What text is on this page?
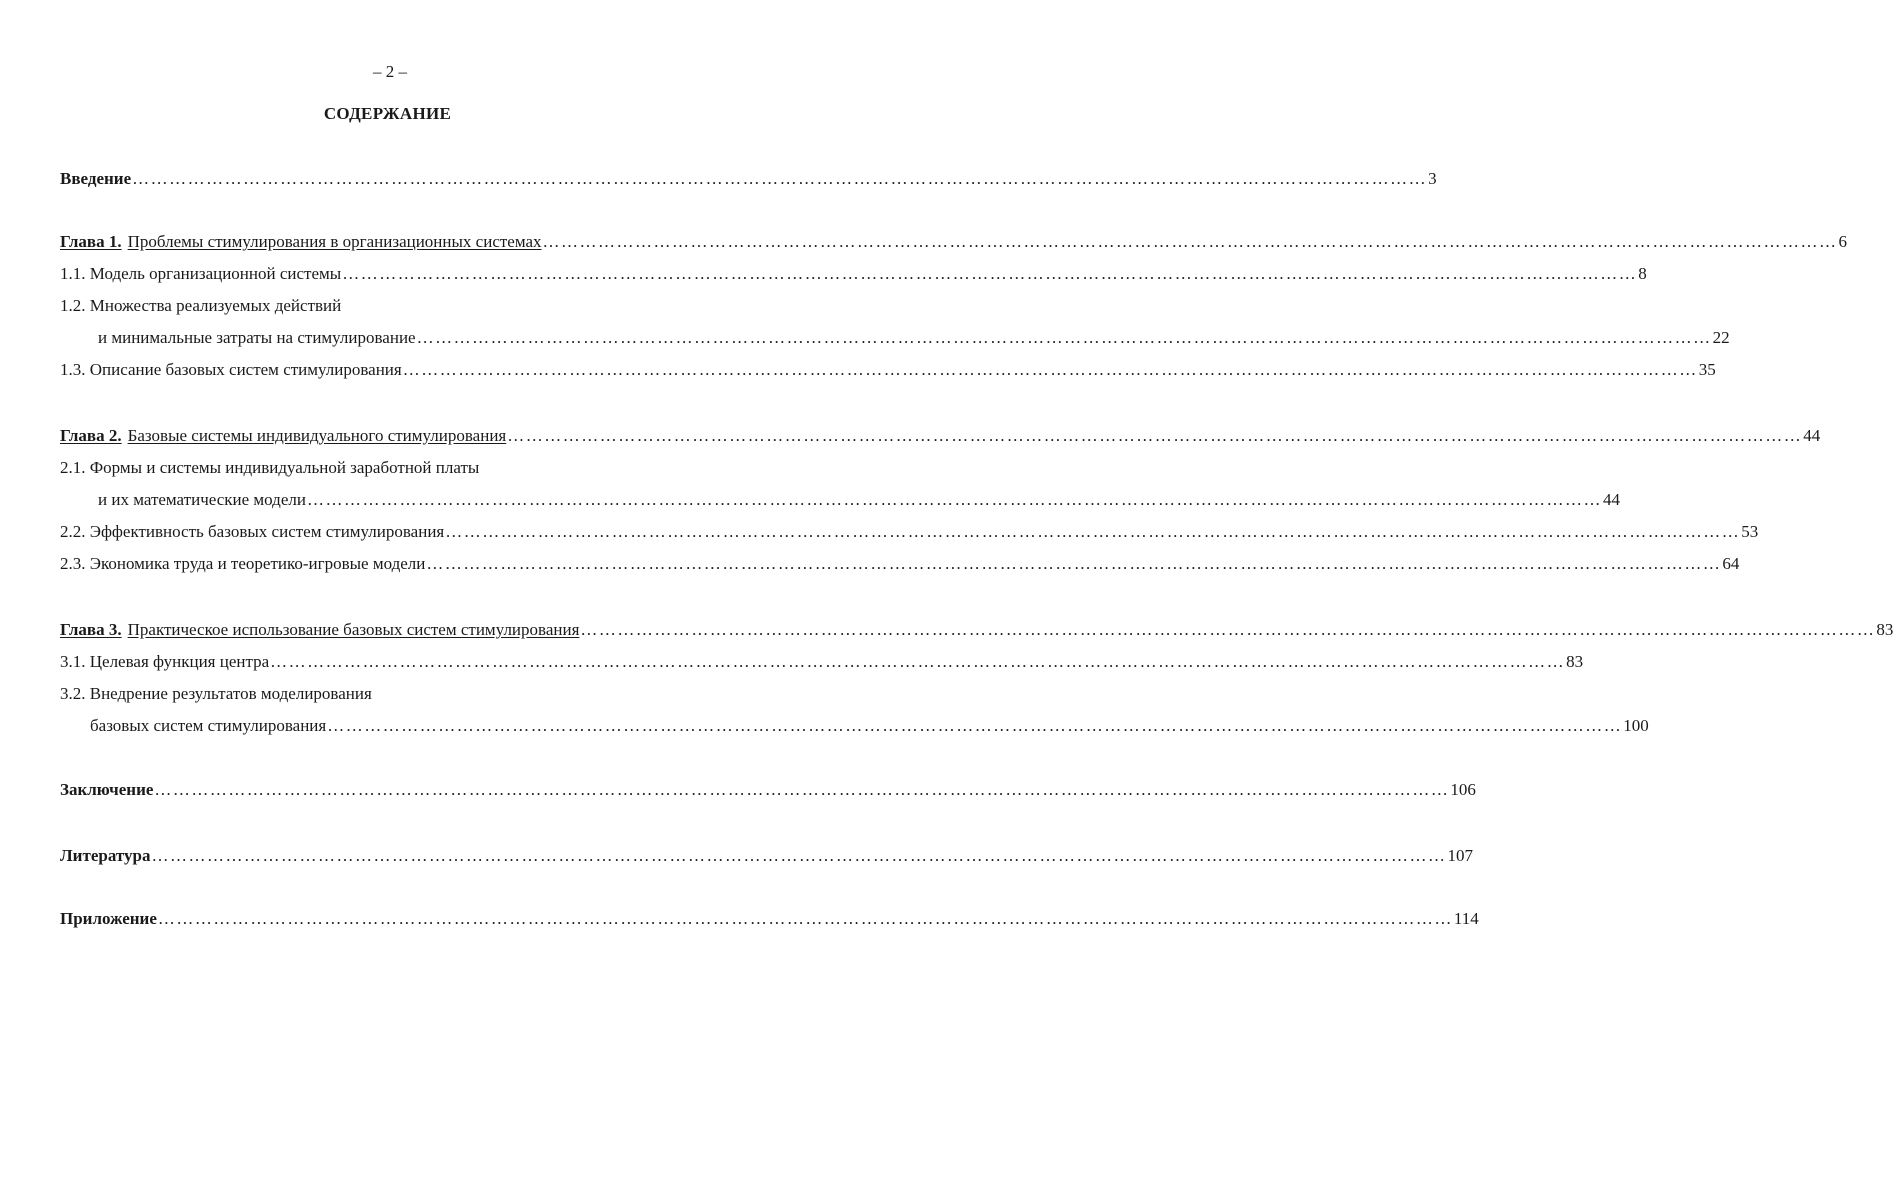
– 2 –
СОДЕРЖАНИЕ
Введение ………………………………………………………………………………………………………………………………………………………………………………………… 3
Глава 1. Проблемы стимулирования в организационных системах ………………………………………………………………………………………………………………………………………………………………………………………… 6
1.1. Модель организационной системы ………………………………………………………………………………………………………………………………………………………………………………………… 8
1.2. Множества реализуемых действий
и минимальные затраты на стимулирование ………………………………………………………………………………………………………………………………………………………………………………………… 22
1.3. Описание базовых систем стимулирования ………………………………………………………………………………………………………………………………………………………………………………………… 35
Глава 2. Базовые системы индивидуального стимулирования ………………………………………………………………………………………………………………………………………………………………………………………… 44
2.1. Формы и системы индивидуальной заработной платы
и их математические модели ………………………………………………………………………………………………………………………………………………………………………………………… 44
2.2. Эффективность базовых систем стимулирования ………………………………………………………………………………………………………………………………………………………………………………………… 53
2.3. Экономика труда и теоретико-игровые модели ………………………………………………………………………………………………………………………………………………………………………………………… 64
Глава 3. Практическое использование базовых систем стимулирования ………………………………………………………………………………………………………………………………………………………………………………………… 83
3.1. Целевая функция центра ………………………………………………………………………………………………………………………………………………………………………………………… 83
3.2. Внедрение результатов моделирования
базовых систем стимулирования ………………………………………………………………………………………………………………………………………………………………………………………… 100
Заключение ………………………………………………………………………………………………………………………………………………………………………………………… 106
Литература ………………………………………………………………………………………………………………………………………………………………………………………… 107
Приложение ………………………………………………………………………………………………………………………………………………………………………………………… 114
